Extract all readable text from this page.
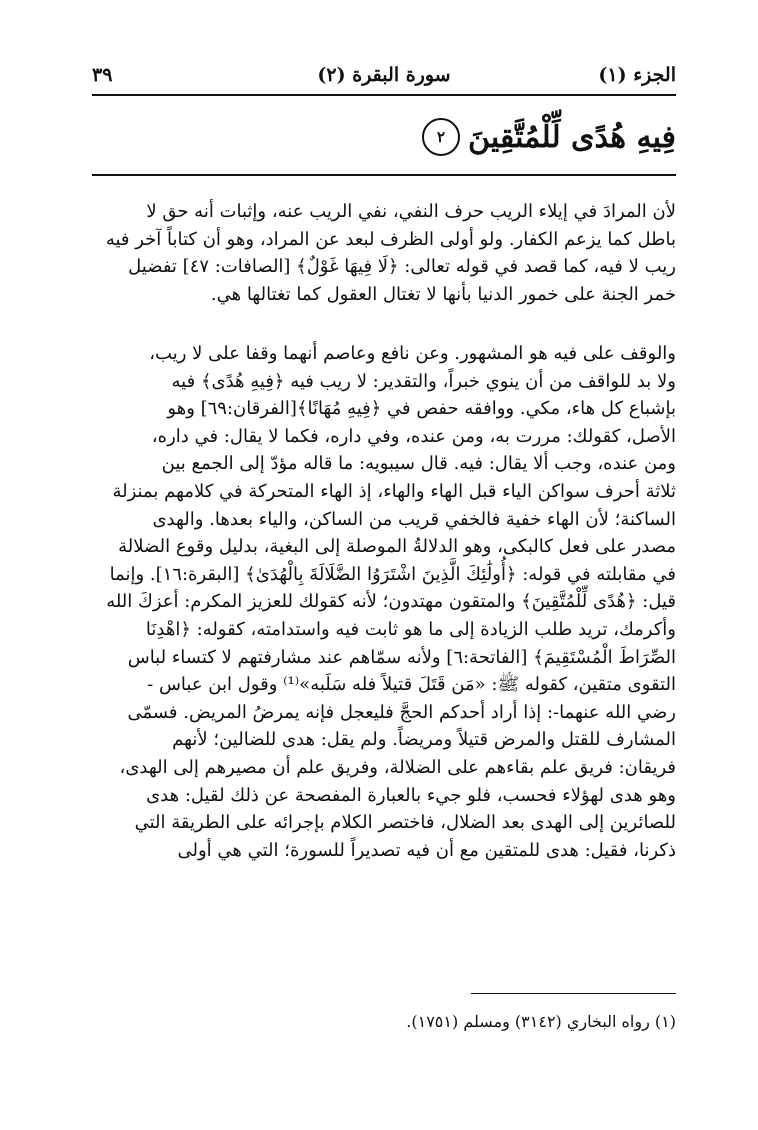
الجزء (١)
سورة البقرة (٢)
٣٩
فِيهِ هُدًى لِّلْمُتَّقِينَ
٢

لأن المرادَ في إيلاء الريب حرف النفي، نفي الريب عنه، وإثبات أنه حق لا

باطل كما يزعم الكفار. ولو أولى الظرف لبعد عن المراد، وهو أن كتاباً آخر فيه

ريب لا فيه، كما قصد في قوله تعالى: ﴿لَا فِيهَا غَوْلٌ﴾ [الصافات: ٤٧] تفضيل

خمر الجنة على خمور الدنيا بأنها لا تغتال العقول كما تغتالها هي.

والوقف على فيه هو المشهور. وعن نافع وعاصم أنهما وقفا على لا ريب،

ولا بد للواقف من أن ينوي خبراً، والتقدير: لا ريب فيه ﴿فِيهِ هُدًى﴾ فيه

بإشباع كل هاء، مكي. ووافقه حفص في ﴿فِيهِ مُهَانًا﴾[الفرقان:٦٩] وهو

الأصل، كقولك: مررت به، ومن عنده، وفي داره، فكما لا يقال: في داره،

ومن عنده، وجب ألا يقال: فيه. قال سيبويه: ما قاله مؤدّ إلى الجمع بين

ثلاثة أحرف سواكن الياء قبل الهاء والهاء، إذ الهاء المتحركة في كلامهم بمنزلة

الساكنة؛ لأن الهاء خفية فالخفي قريب من الساكن، والياء بعدها. والهدى

مصدر على فعل كالبكى، وهو الدلالةُ الموصلة إلى البغية، بدليل وقوع الضلالة

في مقابلته في قوله: ﴿أُولَٰئِكَ الَّذِينَ اشْتَرَوُا الضَّلَالَةَ بِالْهُدَىٰ﴾ [البقرة:١٦]. وإنما

قيل: ﴿هُدًى لِّلْمُتَّقِينَ﴾ والمتقون مهتدون؛ لأنه كقولك للعزيز المكرم: أعزكَ الله

وأكرمك، تريد طلب الزيادة إلى ما هو ثابت فيه واستدامته، كقوله: ﴿اهْدِنَا

الصِّرَاطَ الْمُسْتَقِيمَ﴾ [الفاتحة:٦] ولأنه سمّاهم عند مشارفتهم لا كتساء لباس

التقوى متقين، كقوله ﷺ: «مَن قَتَلَ قتيلاً فله سَلَبه»⁽¹⁾ وقول ابن عباس -

رضي الله عنهما-: إذا أراد أحدكم الحجَّ فليعجل فإنه يمرضُ المريض. فسمّى

المشارف للقتل والمرض قتيلاً ومريضاً. ولم يقل: هدى للضالين؛ لأنهم

فريقان: فريق علم بقاءهم على الضلالة، وفريق علم أن مصيرهم إلى الهدى،

وهو هدى لهؤلاء فحسب، فلو جيء بالعبارة المفصحة عن ذلك لقيل: هدى

للصائرين إلى الهدى بعد الضلال، فاختصر الكلام بإجرائه على الطريقة التي

ذكرنا، فقيل: هدى للمتقين مع أن فيه تصديراً للسورة؛ التي هي أولى

(١) رواه البخاري (٣١٤٢) ومسلم (١٧٥١).
